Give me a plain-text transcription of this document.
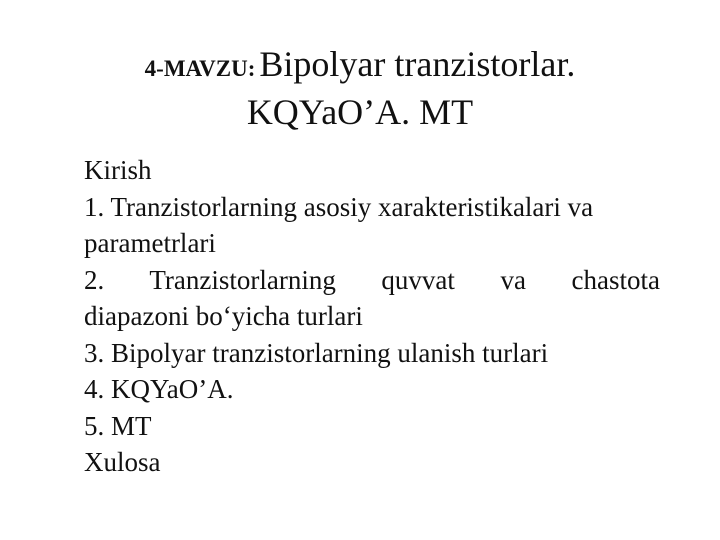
4-MAVZU: Bipolyar tranzistorlar.
KQYaO’A. MT
Kirish
1. Tranzistorlarning asosiy xarakteristikalari va
parametrlari
2. Tranzistorlarning quvvat va chastota
diapazoni bo‘yicha turlari
3. Bipolyar tranzistorlarning ulanish turlari
4. KQYaO’A.
5. MT
Xulosa
